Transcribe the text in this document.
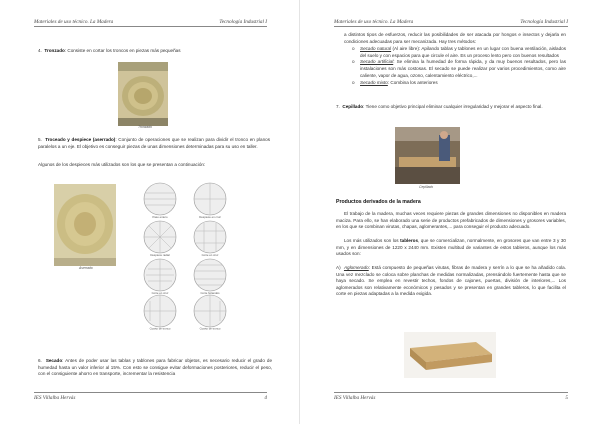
Materiales de uso técnico. La Madera	Tecnología Industrial I
4. Tronzado: Consiste en cortar los troncos en piezas más pequeñas
Tronzado
5. Troceado y despiece (aserrado): Conjunto de operaciones que se realizan para dividir el tronco en planos paralelos a un eje. El objetivo es conseguir piezas de unas dimensiones determinadas para su uso en taller.
Algunos de los despieces más utilizados son los que se presentan a continuación:
Aserrado
Paso entero	Despiece en cruz
Despiece radial	Corte en cruz
Corte en cruz	Corte holandés
Cuarto de tronco	Cuarto de tronco
6. Secado: Antes de poder usar las tablas y tablones para fabricar objetos, es necesario reducir el grado de humedad hasta un valor inferior al 15%. Con esto se consigue evitar deformaciones posteriores, reducir el peso, con el consiguiente ahorro en transporte, incrementar la resistencia
IES Villalba Hervás	4
Materiales de uso técnico. La Madera	Tecnología Industrial I
a distintos tipos de esfuerzos, reducir las posibilidades de ser atacada por hongos e insectos y dejarla en condiciones adecuadas para ser mecanizada. Hay tres métodos:
o Secado natural (Al aire libre): Apilando tablas y tablones en un lugar con buena ventilación, aislados del suelo y con espacios para que circule el aire. Es un proceso lento pero con buenos resultados
o Secado artificial: Se elimina la humedad de forma rápida, y da muy buenos resultados, pero las instalaciones son más costosas. El secado se puede realizar por varios procedimientos, como aire caliente, vapor de agua, ozono, calentamiento eléctrico,...
o Secado mixto: Combina los anteriores
7. Cepillado: Tiene como objetivo principal eliminar cualquier irregularidad y mejorar el aspecto final.
Cepillado
Productos derivados de la madera
El trabajo de la madera, muchas veces requiere piezas de grandes dimensiones no disponibles en madera maciza. Para ello, se han elaborado una serie de productos prefabricados de dimensiones y grosores variables, en los que se combinan virutas, chapas, aglomerantes,... para conseguir el producto adecuado.
Los más utilizados son los tableros, que se comercializan, normalmente, en grosores que van entre 3 y 30 mm, y en dimensiones de 1220 x 2440 mm. Existen multitud de variantes de estos tableros, aunque los más usados son:
A) Aglomerado: Está compuesto de pequeñas virutas, fibras de madera y serrín a lo que se ha añadido cola. Una vez mezclado se coloca sobre planchas de medidas normalizadas, prensándolo fuertemente hasta que se haya secado. Se emplea en revestir techos, fondos de cajones, puertas, división de interiores,... Los aglomerados son relativamente económicos y pesados y se presentan en grandes tableros, lo que facilita el corte en piezas adaptadas a la medida exigida.
IES Villalba Hervás	5
